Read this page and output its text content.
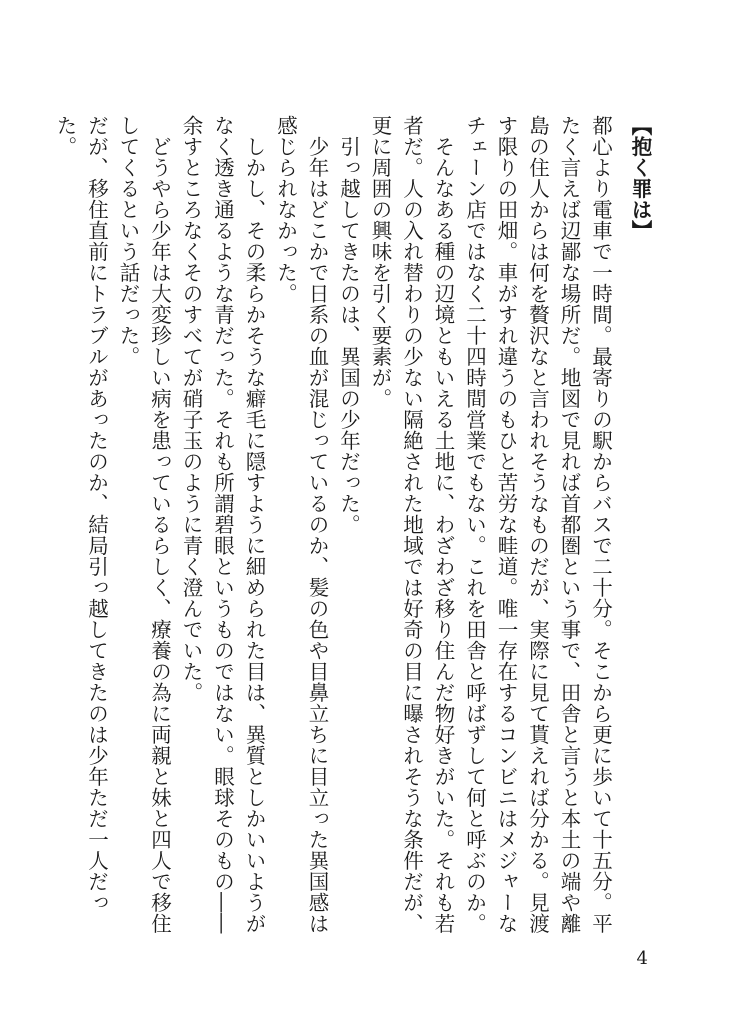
【抱く罪は】

都心より電車で一時間。最寄りの駅からバスで二十分。そこから更に歩いて十五分。平たく言えば辺鄙な場所だ。地図で見れば首都圏という事で、田舎と言うと本土の端や離島の住人からは何を贅沢なと言われそうなものだが、実際に見て貰えれば分かる。見渡す限りの田畑。車がすれ違うのもひと苦労な畦道。唯一存在するコンビニはメジャーなチェーン店ではなく二十四時間営業でもない。これを田舎と呼ばずして何と呼ぶのか。

そんなある種の辺境ともいえる土地に、わざわざ移り住んだ物好きがいた。それも若者だ。人の入れ替わりの少ない隔絶された地域では好奇の目に曝されそうな条件だが、更に周囲の興味を引く要素が。

引っ越してきたのは、異国の少年だった。

少年はどこかで日系の血が混じっているのか、髪の色や目鼻立ちに目立った異国感は感じられなかった。

しかし、その柔らかそうな癖毛に隠すように細められた目は、異質としかいいようがなく透き通るような青だった。それも所謂碧眼というものではない。眼球そのもの――余すところなくそのすべてが硝子玉のように青く澄んでいた。

どうやら少年は大変珍しい病を患っているらしく、療養の為に両親と妹と四人で移住してくるという話だった。

だが、移住直前にトラブルがあったのか、結局引っ越してきたのは少年ただ一人だった。

4
